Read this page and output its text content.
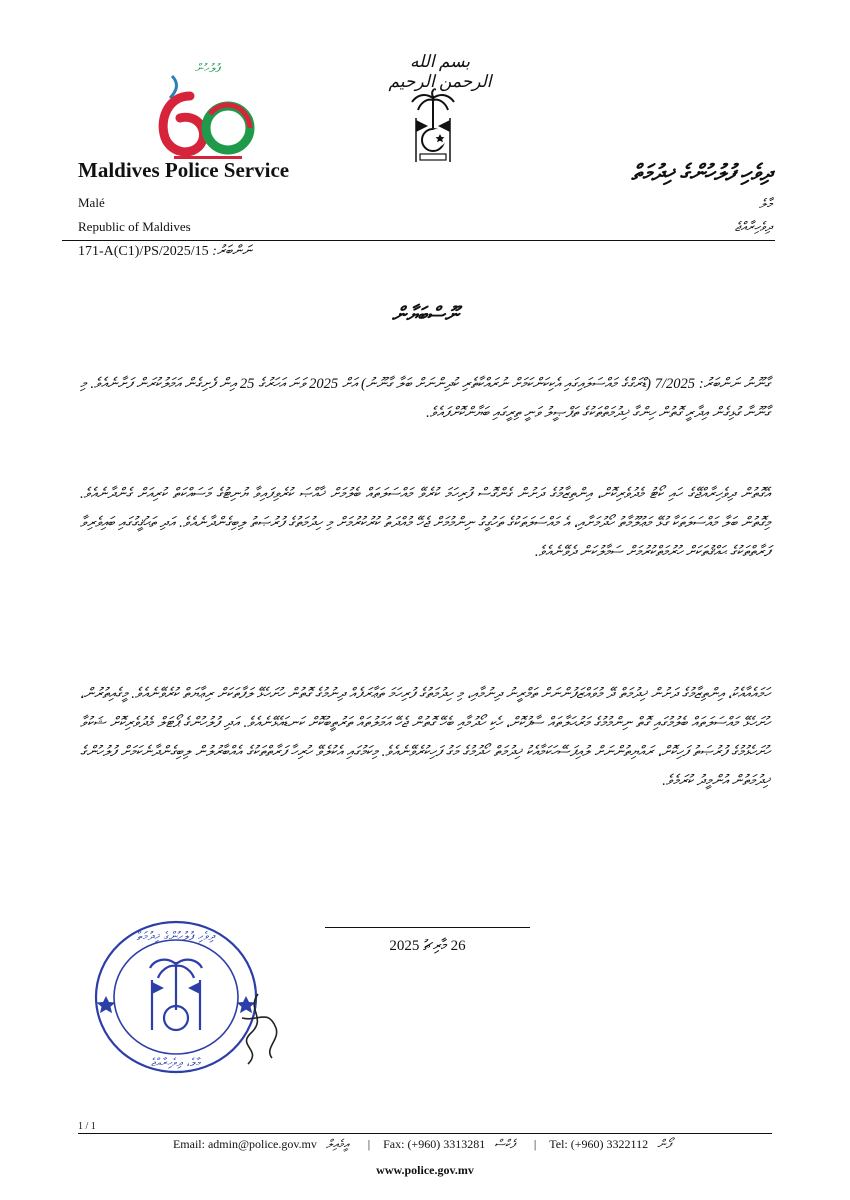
بسم الله الرحمن الرحيم
ފުލުހުން
Maldives Police Service
Malé
Republic of Maldives
ދިވެހި ފުލުހުންގެ ޚިދުމަތް
މާލެ
ދިވެހިރާއްޖެ
171-A(C1)/PS/2025/15 ނަންބަރު:
ނޫސްބަޔާން
ގާނޫނު ނަންބަރު: 7/2025 (ޑްރަގްގެ މައްސަލައިގައި އެކިކަންކަމަށް ނުރައްކާތެރި ކުދިންނަށް ބަލާ ގާނޫނު) އަށް 2025 ވަނަ އަހަރުގެ 25 އިން ފެށިގެން އަމަލުކުރަން ފަށާނެއެވެ. މި ގާނޫނާ ގުޅިގެން އިދާރީ ގޮތުން ހިންގާ ޚިދުމަތްތަކުގެ ތަފްޞީލު ވަނީ ތިރީގައި ބަޔާންކޮށްފައެވެ.
އެގޮތުން ދިވެހިރާއްޖޭގެ ހައި ކޯޓު މެދުވެރިކޮށް، އިންތިޒާމުގެ ދަށުން ގެންގޮސް ފުރިހަމަ ކުރެވޭ މައްސަލަތައް ބެލުމަށް ޚާއްޞަ ކުރެވިފައިވާ ޔުނިޓުގެ މަސައްކަތް ކުރިއަށް ގެންދާނެއެވެ. މިގޮތުން ބަލާ މައްސަލަތަކާ ގުޅޭ މަޢުލޫމާތު ހޯދުމަށާއި، އެ މައްސަލަތަކުގެ ތަހުގީގު ނިންމުމަށް ޖެހޭ މުއްދަތު ކުރުކުރުމަށް މި ހިދުމަތުގެ ފުރުޞަތު ލިބިގެންދާނެއެވެ. އަދި ތަޙުޤީގުގައި ބައިވެރިވާ ފަރާތްތަކުގެ ޙައްޤުތަކަށް ހުރުމަތްކުރުމަށް ސަމާލުކަން ދެވޭނެއެވެ.
ހަމައެއާއެކު، އިންތިޒާމުގެ ދަށުން ޚިދުމަތް ދޭ މުވައްޒަފުންނަށް ތަމްރީނު ދިނުމާއި، މި ހިދުމަތުގެ ފުރިހަމަ ތަޢާރަފެއް ދިނުމުގެ ގޮތުން ހުށަހެޅޭ ލަފާތަކަށް ރިޢާޔަތް ކުރެވޭނެއެވެ. މީގެއިތުރުން، ހުށަހެޅޭ މައްސަލަތައް ބެލުމުގައި ގޮތް ނިންމުމުގެ މަރުޙަލާތައް ސާފުކޮށް، ހެކި ހޯދުމާއި ބެހޭ ގޮތުން ޖެހޭ އަމަލުތައް ތަރުތީބުކޮށް ކަނޑައެޅޭނެއެވެ. އަދި ފުލުހުންގެ ޕޯޓަލް މެދުވެރިކޮށް ޝަކުވާ ހުށަހެޅުމުގެ ފުރުޞަތު ފަހިކޮށް، ރައްޔިތުންނަށް ލުއިފަސޭހަކަމާއެކު ޚިދުމަތް ހޯދުމުގެ މަގު ފަހިކުރެވޭނެއެވެ. މިކަމުގައި އެކުލެވޭ ހުރިހާ ފަރާތްތަކުގެ އެއްބާރުލުން ލިބިގެންދާނެކަމަށް ފުލުހުންގެ ޚިދުމަތުން އުންމީދު ކުރަމެވެ.
26 މާރިޗު 2025
ދިވެހި ފުލުހުންގެ ޚިދުމަތް
މާލެ، ދިވެހިރާއްޖެ
1 / 1
Email: admin@police.gov.mv އީމެއިލް | Fax: (+960) 3313281 ފެކްސް | Tel: (+960) 3322112 ފޯން
www.police.gov.mv
